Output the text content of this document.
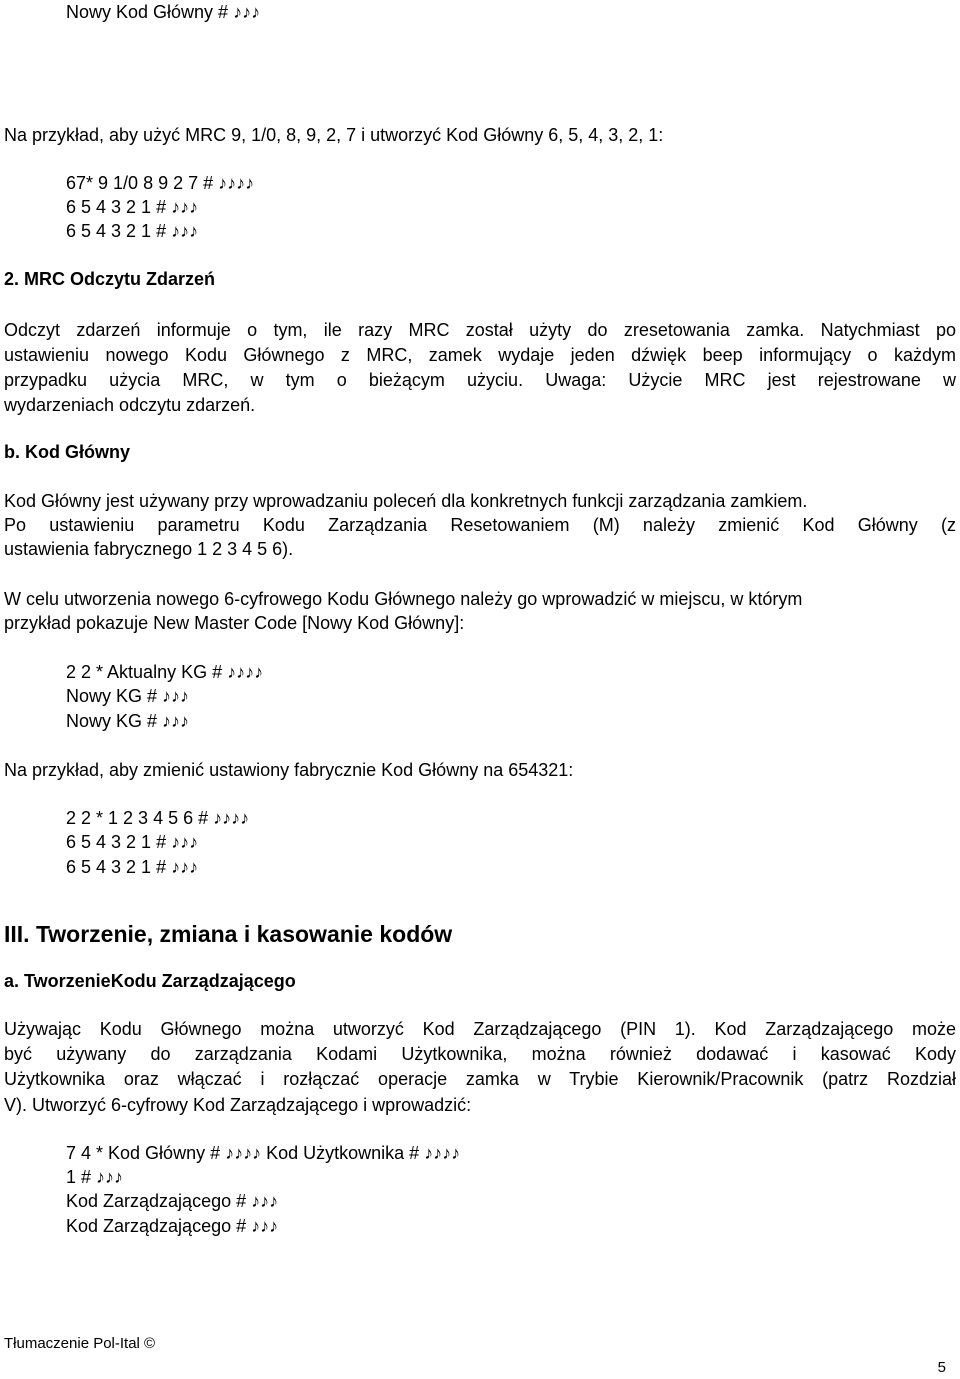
Nowy Kod Główny # ♪♪♪
Na przykład, aby użyć MRC 9, 1/0, 8, 9, 2, 7 i utworzyć Kod Główny 6, 5, 4, 3, 2, 1:
67* 9 1/0 8 9 2 7 # ♪♪♪♪
6 5 4 3 2 1 # ♪♪♪
6 5 4 3 2 1 # ♪♪♪
2. MRC Odczytu Zdarzeń
Odczyt zdarzeń informuje o tym, ile razy MRC został użyty do zresetowania zamka. Natychmiast po
ustawieniu nowego Kodu Głównego z MRC, zamek wydaje jeden dźwięk beep informujący o każdym
przypadku użycia MRC, w tym o bieżącym użyciu. Uwaga: Użycie MRC jest rejestrowane w
wydarzeniach odczytu zdarzeń.
b. Kod Główny
Kod Główny jest używany przy wprowadzaniu poleceń dla konkretnych funkcji zarządzania zamkiem.
Po ustawieniu parametru Kodu Zarządzania Resetowaniem (M) należy zmienić Kod Główny (z
ustawienia fabrycznego 1 2 3 4 5 6).
W celu utworzenia nowego 6-cyfrowego Kodu Głównego należy go wprowadzić w miejscu, w którym
przykład pokazuje New Master Code [Nowy Kod Główny]:
2 2 * Aktualny KG # ♪♪♪♪
Nowy KG # ♪♪♪
Nowy KG # ♪♪♪
Na przykład, aby zmienić ustawiony fabrycznie Kod Główny na 654321:
2 2 * 1 2 3 4 5 6 # ♪♪♪♪
6 5 4 3 2 1 # ♪♪♪
6 5 4 3 2 1 # ♪♪♪
III. Tworzenie, zmiana i kasowanie kodów
a. TworzenieKodu Zarządzającego
Używając Kodu Głównego można utworzyć Kod Zarządzającego (PIN 1). Kod Zarządzającego może
być używany do zarządzania Kodami Użytkownika, można również dodawać i kasować Kody
Użytkownika oraz włączać i rozłączać operacje zamka w Trybie Kierownik/Pracownik (patrz Rozdział
V). Utworzyć 6-cyfrowy Kod Zarządzającego i wprowadzić:
7 4 * Kod Główny # ♪♪♪♪ Kod Użytkownika # ♪♪♪♪
1 # ♪♪♪
Kod Zarządzającego # ♪♪♪
Kod Zarządzającego # ♪♪♪
Tłumaczenie Pol-Ital ©
5
